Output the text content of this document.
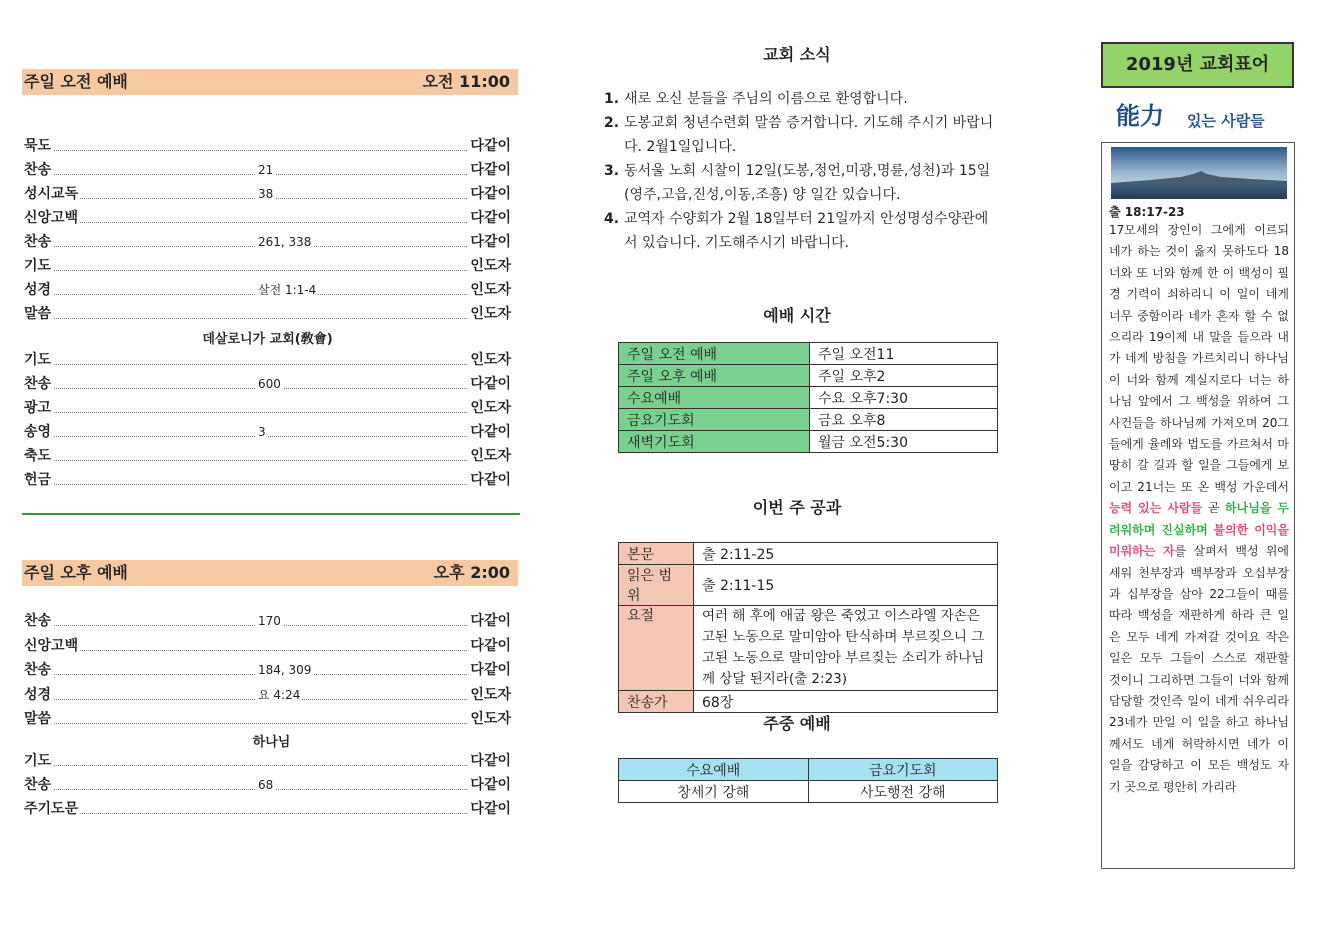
주일 오전 예배	오전 11:00
묵도	다같이
찬송	21	다같이
성시교독	38	다같이
신앙고백	다같이
찬송	261, 338	다같이
기도	인도자
성경	살전 1:1-4	인도자
말씀	인도자
데살로니가 교회(敎會)
기도	인도자
찬송	600	다같이
광고	인도자
송영	3	다같이
축도	인도자
헌금	다같이
주일 오후 예배	오후 2:00
찬송	170	다같이
신앙고백	다같이
찬송	184, 309	다같이
성경	요 4:24	인도자
말씀	인도자
하나님
기도	다같이
찬송	68	다같이
주기도문	다같이
교회 소식
1. 새로 오신 분들을 주님의 이름으로 환영합니다.
2. 도봉교회 청년수련회 말씀 증거합니다. 기도해 주시기 바랍니다. 2월1일입니다.
3. 동서울 노회 시찰이 12일(도봉,정언,미광,명륜,성천)과 15일(영주,고읍,진성,이동,조흥) 양 일간 있습니다.
4. 교역자 수양회가 2월 18일부터 21일까지 안성명성수양관에서 있습니다. 기도해주시기 바랍니다.
예배 시간
주일 오전 예배	주일 오전11
주일 오후 예배	주일 오후2
수요예배	수요 오후7:30
금요기도회	금요 오후8
새벽기도회	월금 오전5:30
이번 주 공과
본문	출 2:11-25
읽은 범위	출 2:11-15
요절	여러 해 후에 애굽 왕은 죽었고 이스라엘 자손은 고된 노동으로 말미암아 탄식하며 부르짖으니 그 고된 노동으로 말미암아 부르짖는 소리가 하나님께 상달 된지라(출 2:23)
찬송가	68장
주중 예배
수요예배	금요기도회
창세기 강해	사도행전 강해
2019년 교회표어
能力 있는 사람들
출 18:17-23
17모세의 장인이 그에게 이르되 네가 하는 것이 옳지 못하도다 18너와 또 너와 함께 한 이 백성이 필경 기력이 쇠하리니 이 일이 네게 너무 중함이라 네가 혼자 할 수 없으리라 19이제 내 말을 들으라 내가 네게 방침을 가르치리니 하나님이 너와 함께 계실지로다 너는 하나님 앞에서 그 백성을 위하여 그 사건들을 하나님께 가져오며 20그들에게 율례와 법도를 가르쳐서 마땅히 갈 길과 할 일을 그들에게 보이고 21너는 또 온 백성 가운데서 능력 있는 사람들 곧 하나님을 두려워하며 진실하며 불의한 이익을 미워하는 자를 살펴서 백성 위에 세워 천부장과 백부장과 오십부장과 십부장을 삼아 22그들이 때를 따라 백성을 재판하게 하라 큰 일은 모두 네게 가져갈 것이요 작은 일은 모두 그들이 스스로 재판할 것이니 그리하면 그들이 너와 함께 담당할 것인즉 일이 네게 쉬우리라 23네가 만일 이 일을 하고 하나님께서도 네게 허락하시면 네가 이 일을 감당하고 이 모든 백성도 자기 곳으로 평안히 가리라
